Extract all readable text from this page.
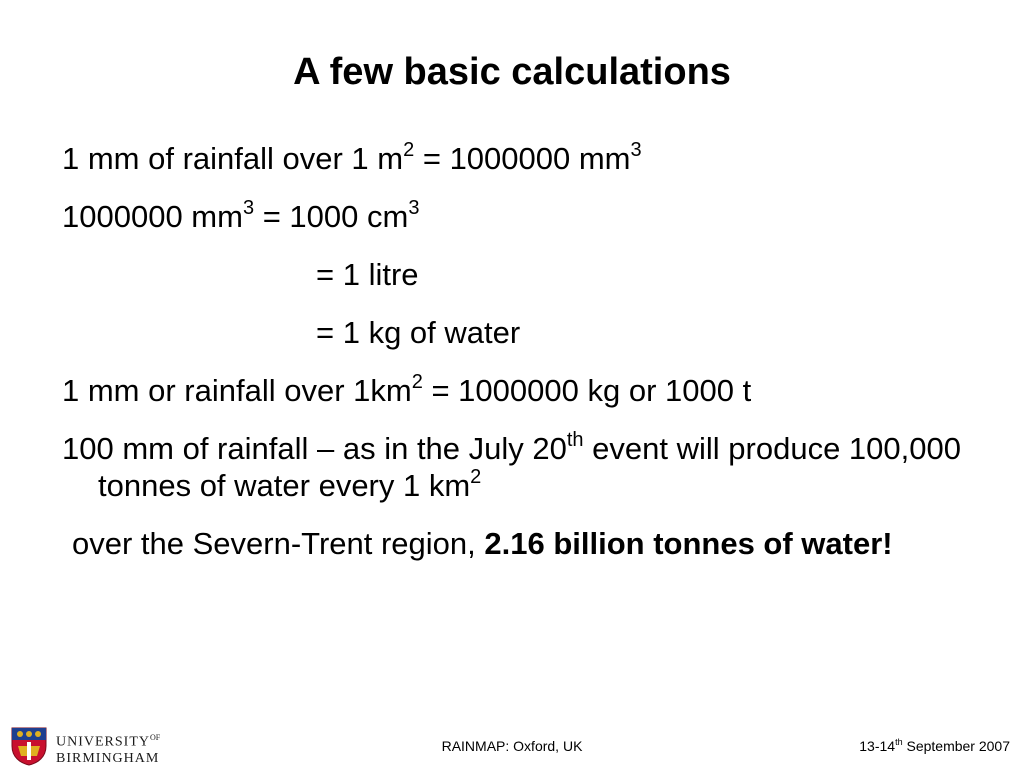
A few basic calculations

1 mm of rainfall over 1 $m^2 = 1000000$ $mm^3$

1000000 $mm^3 = 1000$ $cm^3$

= 1 litre

= 1 kg of water

1 mm or rainfall over $1km^2 = 1000000$ kg or 1000 t

100 mm of rainfall – as in the July 20th event will produce 100,000 tonnes of water every 1 $km^2$

over the Severn-Trent region, 2.16 billion tonnes of water!

$UNIVERSITY^{OF}$
BIRMINGHAM
RAINMAP: Oxford, UK	13-14th September 2007
